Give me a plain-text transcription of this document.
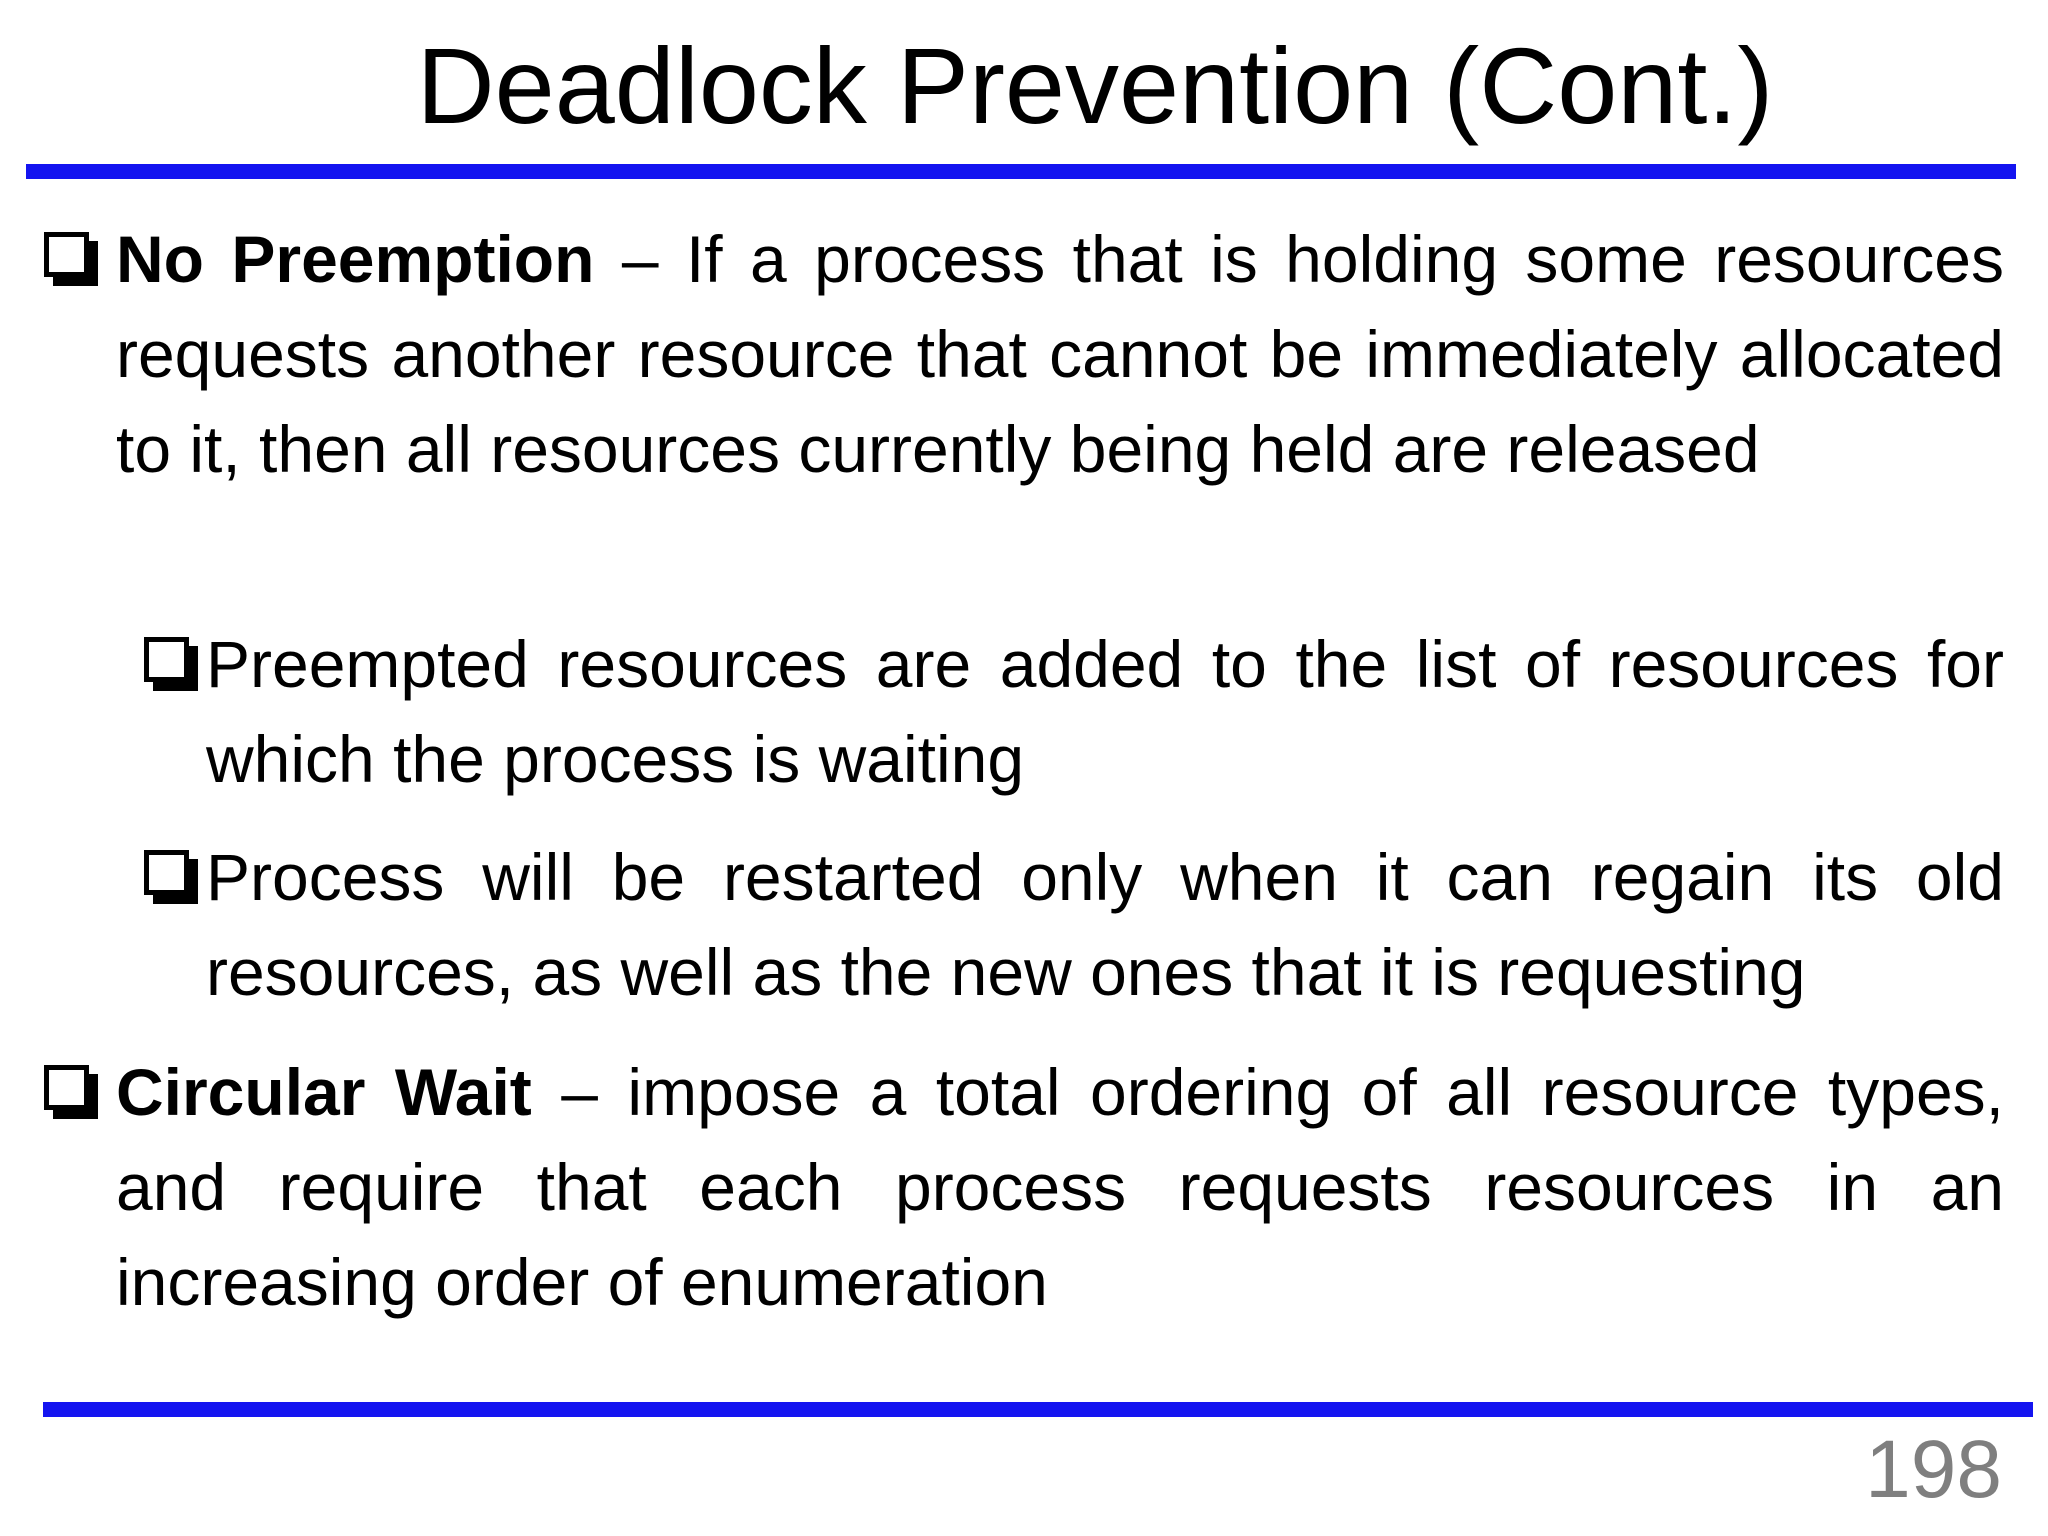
Deadlock Prevention (Cont.)
No Preemption – If a process that is holding some resources requests another resource that cannot be immediately allocated to it, then all resources currently being held are released
Preempted resources are added to the list of resources for which the process is waiting
Process will be restarted only when it can regain its old resources, as well as the new ones that it is requesting
Circular Wait – impose a total ordering of all resource types, and require that each process requests resources in an increasing order of enumeration
198
